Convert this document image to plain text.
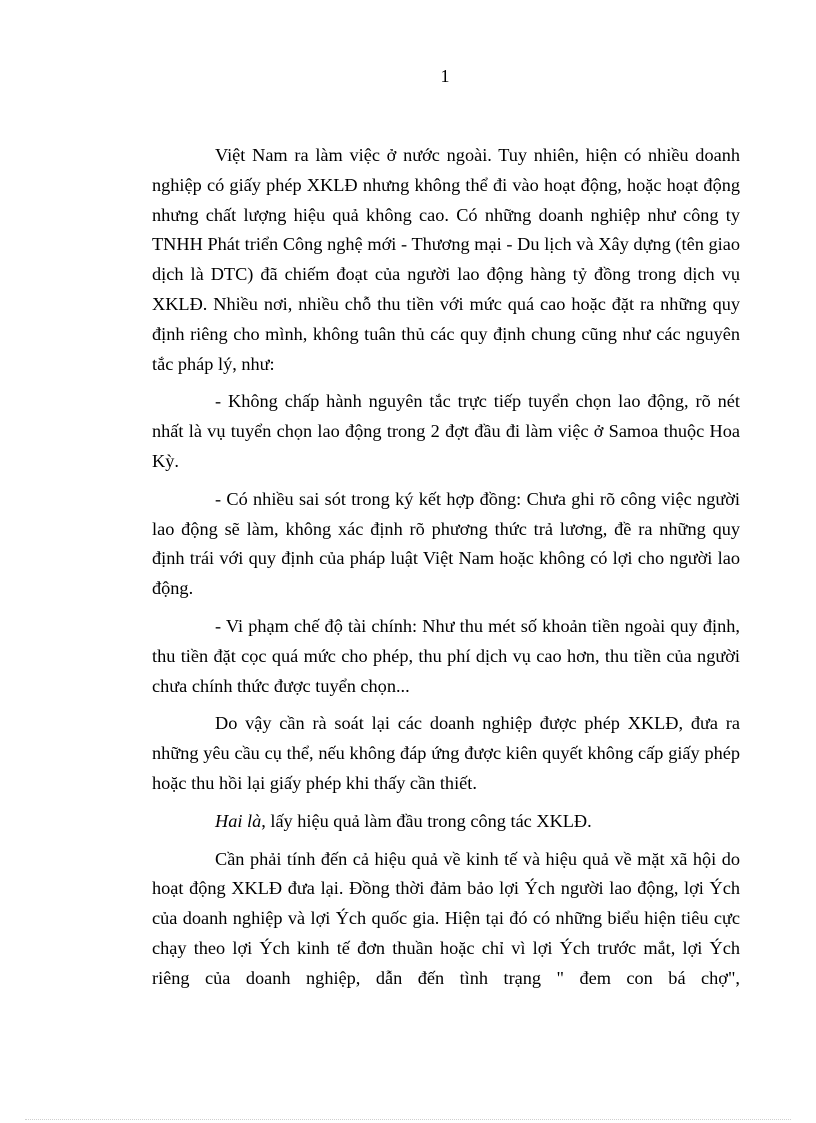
1

Việt Nam ra làm việc ở nước ngoài. Tuy nhiên, hiện có nhiều doanh nghiệp có giấy phép XKLĐ nhưng không thể đi vào hoạt động, hoặc hoạt động nhưng chất lượng hiệu quả không cao. Có những doanh nghiệp như công ty TNHH Phát triển Công nghệ mới - Thương mại - Du lịch và Xây dựng (tên giao dịch là DTC) đã chiếm đoạt của người lao động hàng tỷ đồng trong dịch vụ XKLĐ. Nhiều nơi, nhiều chỗ thu tiền với mức quá cao hoặc đặt ra những quy định riêng cho mình, không tuân thủ các quy định chung cũng như các nguyên tắc pháp lý, như:

- Không chấp hành nguyên tắc trực tiếp tuyển chọn lao động, rõ nét nhất là vụ tuyển chọn lao động trong 2 đợt đầu đi làm việc ở Samoa thuộc Hoa Kỳ.

- Có nhiều sai sót trong ký kết hợp đồng: Chưa ghi rõ công việc người lao động sẽ làm, không xác định rõ phương thức trả lương, đề ra những quy định trái với quy định của pháp luật Việt Nam hoặc không có lợi cho người lao động.

- Vi phạm chế độ tài chính: Như thu mét số khoản tiền ngoài quy định, thu tiền đặt cọc quá mức cho phép, thu phí dịch vụ cao hơn, thu tiền của người chưa chính thức được tuyển chọn...

Do vậy cần rà soát lại các doanh nghiệp được phép XKLĐ, đưa ra những yêu cầu cụ thể, nếu không đáp ứng được kiên quyết không cấp giấy phép hoặc thu hồi lại giấy phép khi thấy cần thiết.

Hai là, lấy hiệu quả làm đầu trong công tác XKLĐ.

Cần phải tính đến cả hiệu quả về kinh tế và hiệu quả về mặt xã hội do hoạt động XKLĐ đưa lại. Đồng thời đảm bảo lợi Ých người lao động, lợi Ých của doanh nghiệp và lợi Ých quốc gia. Hiện tại đó có những biểu hiện tiêu cực chạy theo lợi Ých kinh tế đơn thuần hoặc chỉ vì lợi Ých trước mắt, lợi Ých riêng của doanh nghiệp, dẫn đến tình trạng " đem con bá chợ",
